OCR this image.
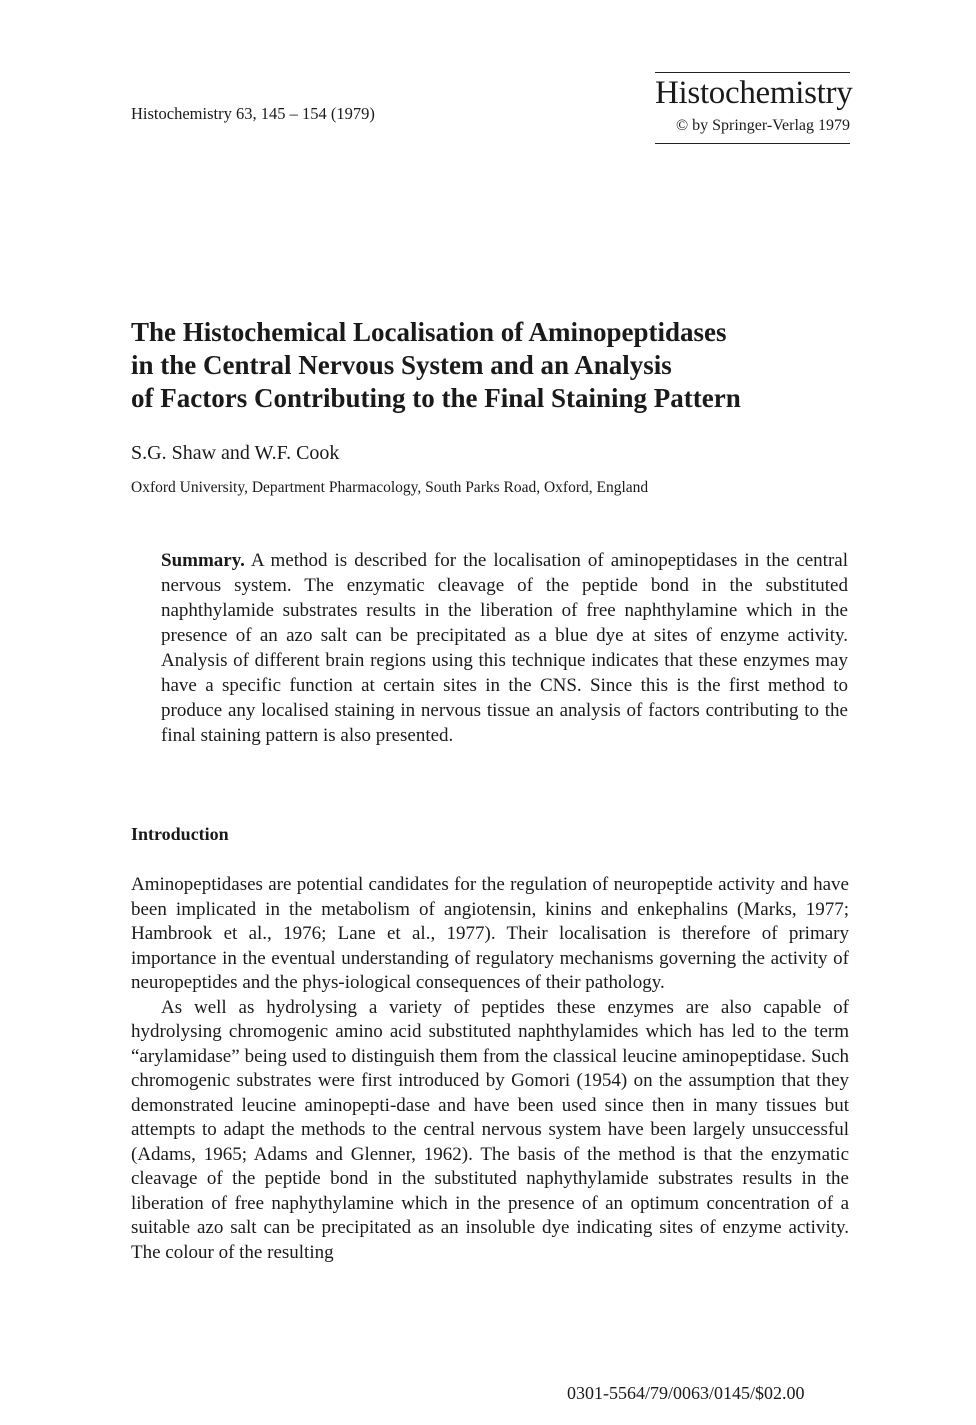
Histochemistry 63, 145 – 154 (1979)
Histochemistry
© by Springer-Verlag 1979
The Histochemical Localisation of Aminopeptidases
in the Central Nervous System and an Analysis
of Factors Contributing to the Final Staining Pattern
S.G. Shaw and W.F. Cook
Oxford University, Department Pharmacology, South Parks Road, Oxford, England
Summary. A method is described for the localisation of aminopeptidases in the central nervous system. The enzymatic cleavage of the peptide bond in the substituted naphthylamide substrates results in the liberation of free naphthylamine which in the presence of an azo salt can be precipitated as a blue dye at sites of enzyme activity. Analysis of different brain regions using this technique indicates that these enzymes may have a specific function at certain sites in the CNS. Since this is the first method to produce any localised staining in nervous tissue an analysis of factors contributing to the final staining pattern is also presented.
Introduction

Aminopeptidases are potential candidates for the regulation of neuropeptide activity and have been implicated in the metabolism of angiotensin, kinins and enkephalins (Marks, 1977; Hambrook et al., 1976; Lane et al., 1977). Their localisation is therefore of primary importance in the eventual understanding of regulatory mechanisms governing the activity of neuropeptides and the phys-iological consequences of their pathology.

As well as hydrolysing a variety of peptides these enzymes are also capable of hydrolysing chromogenic amino acid substituted naphthylamides which has led to the term “arylamidase” being used to distinguish them from the classical leucine aminopeptidase. Such chromogenic substrates were first introduced by Gomori (1954) on the assumption that they demonstrated leucine aminopepti-dase and have been used since then in many tissues but attempts to adapt the methods to the central nervous system have been largely unsuccessful (Adams, 1965; Adams and Glenner, 1962). The basis of the method is that the enzymatic cleavage of the peptide bond in the substituted naphythylamide substrates results in the liberation of free naphythylamine which in the presence of an optimum concentration of a suitable azo salt can be precipitated as an insoluble dye indicating sites of enzyme activity. The colour of the resulting

0301-5564/79/0063/0145/$02.00
